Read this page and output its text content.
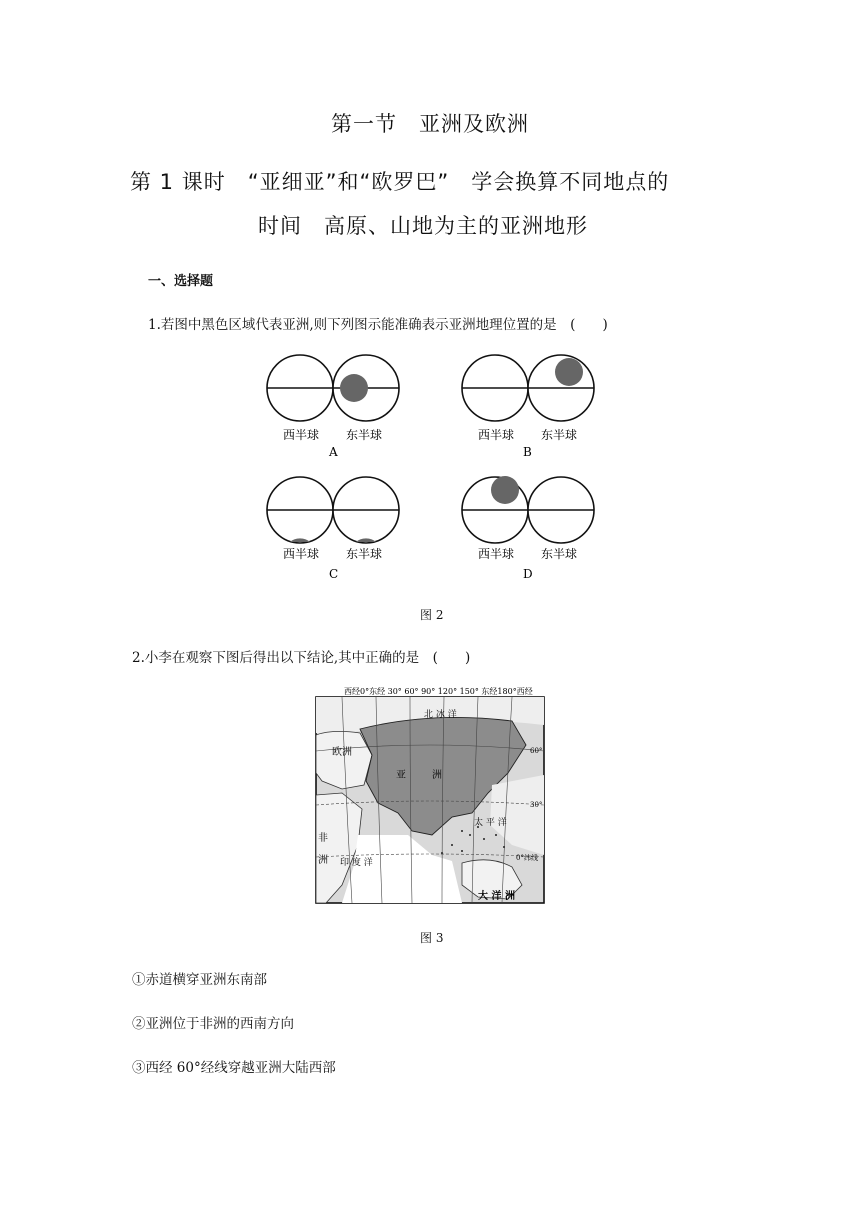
第一节　亚洲及欧洲
第 1 课时　“亚细亚”和“欧罗巴”　学会换算不同地点的
时间　高原、山地为主的亚洲地形
一、选择题
1.若图中黑色区域代表亚洲,则下列图示能准确表示亚洲地理位置的是　(　　)
西半球 东半球
A
西半球 东半球
B
西半球 东半球
C
西半球 东半球
D
图 2
2.小李在观察下图后得出以下结论,其中正确的是　(　　)
西经0°东经 30° 60° 90° 120° 150° 东经180°西经
北 冰 洋
欧洲
亚	洲
太 平 洋
印 度 洋
非
洲
大 洋 洲
60°
30°
0°纬线
图 3
①赤道横穿亚洲东南部
②亚洲位于非洲的西南方向
③西经 60°经线穿越亚洲大陆西部
